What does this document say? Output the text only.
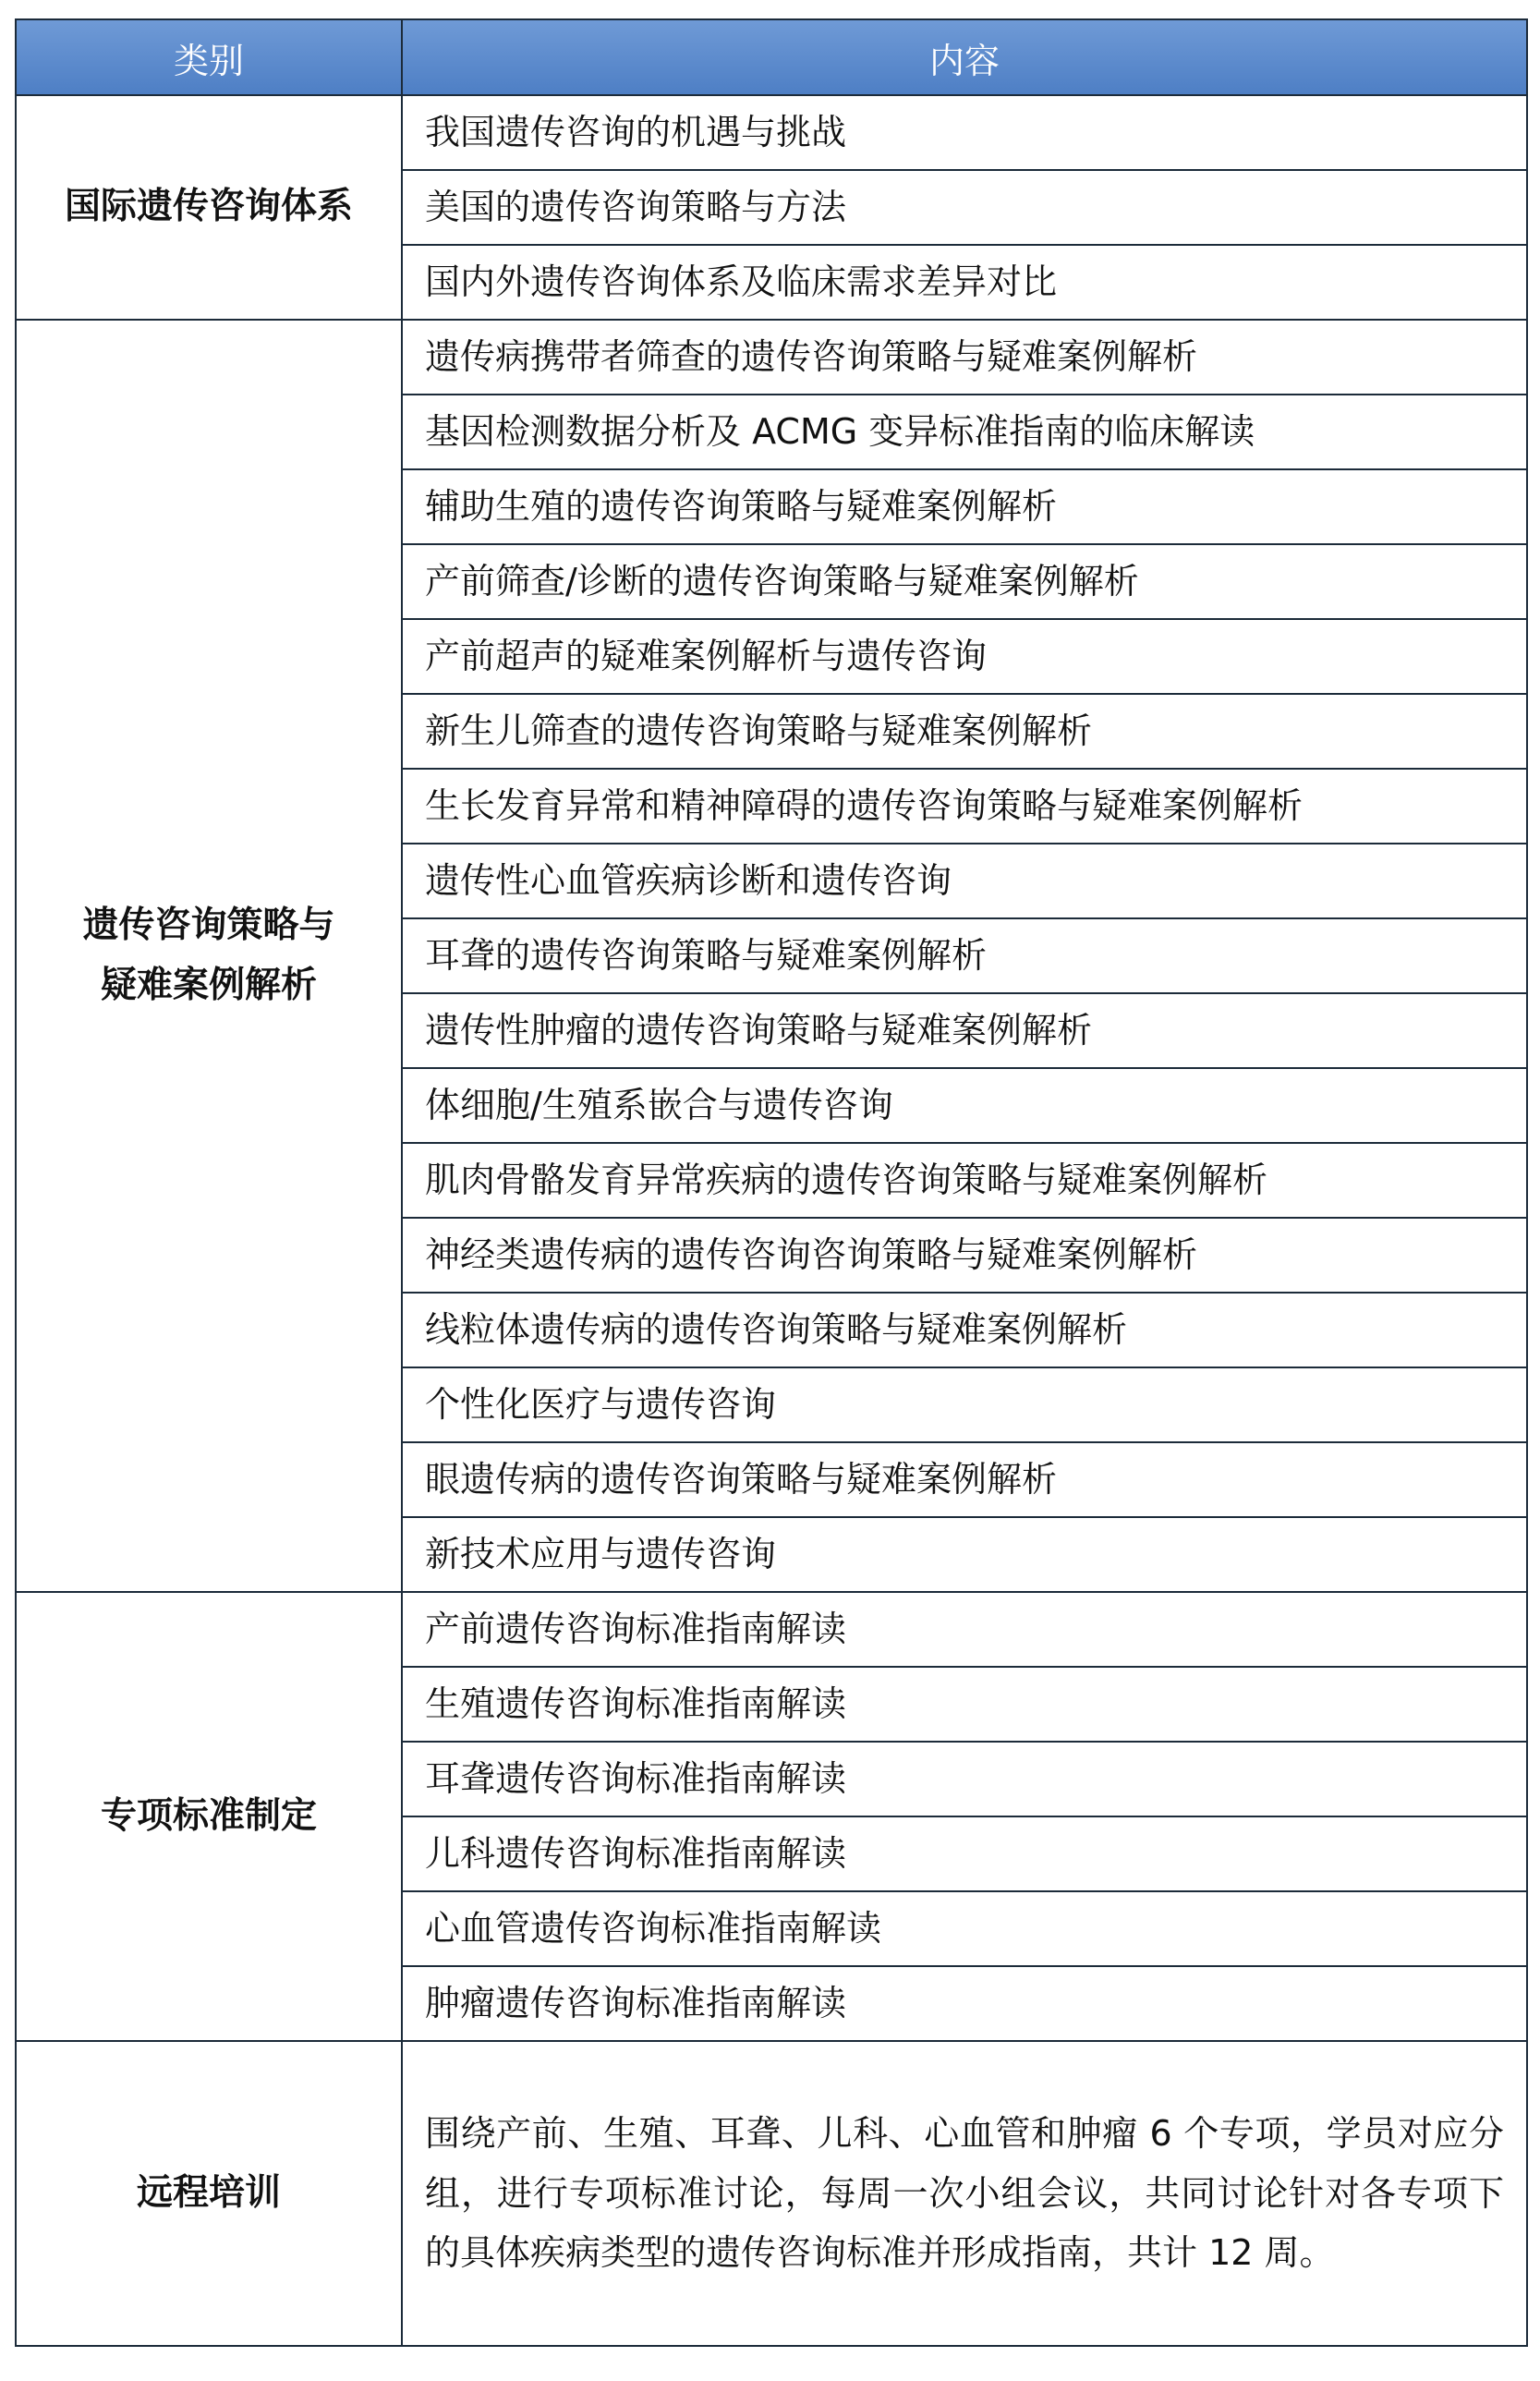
类别	内容
国际遗传咨询体系	我国遗传咨询的机遇与挑战
	美国的遗传咨询策略与方法
	国内外遗传咨询体系及临床需求差异对比
遗传咨询策略与疑难案例解析	遗传病携带者筛查的遗传咨询策略与疑难案例解析
	基因检测数据分析及 ACMG 变异标准指南的临床解读
	辅助生殖的遗传咨询策略与疑难案例解析
	产前筛查/诊断的遗传咨询策略与疑难案例解析
	产前超声的疑难案例解析与遗传咨询
	新生儿筛查的遗传咨询策略与疑难案例解析
	生长发育异常和精神障碍的遗传咨询策略与疑难案例解析
	遗传性心血管疾病诊断和遗传咨询
	耳聋的遗传咨询策略与疑难案例解析
	遗传性肿瘤的遗传咨询策略与疑难案例解析
	体细胞/生殖系嵌合与遗传咨询
	肌肉骨骼发育异常疾病的遗传咨询策略与疑难案例解析
	神经类遗传病的遗传咨询咨询策略与疑难案例解析
	线粒体遗传病的遗传咨询策略与疑难案例解析
	个性化医疗与遗传咨询
	眼遗传病的遗传咨询策略与疑难案例解析
	新技术应用与遗传咨询
专项标准制定	产前遗传咨询标准指南解读
	生殖遗传咨询标准指南解读
	耳聋遗传咨询标准指南解读
	儿科遗传咨询标准指南解读
	心血管遗传咨询标准指南解读
	肿瘤遗传咨询标准指南解读
远程培训	围绕产前、生殖、耳聋、儿科、心血管和肿瘤 6 个专项，学员对应分组，进行专项标准讨论，每周一次小组会议，共同讨论针对各专项下的具体疾病类型的遗传咨询标准并形成指南，共计 12 周。
